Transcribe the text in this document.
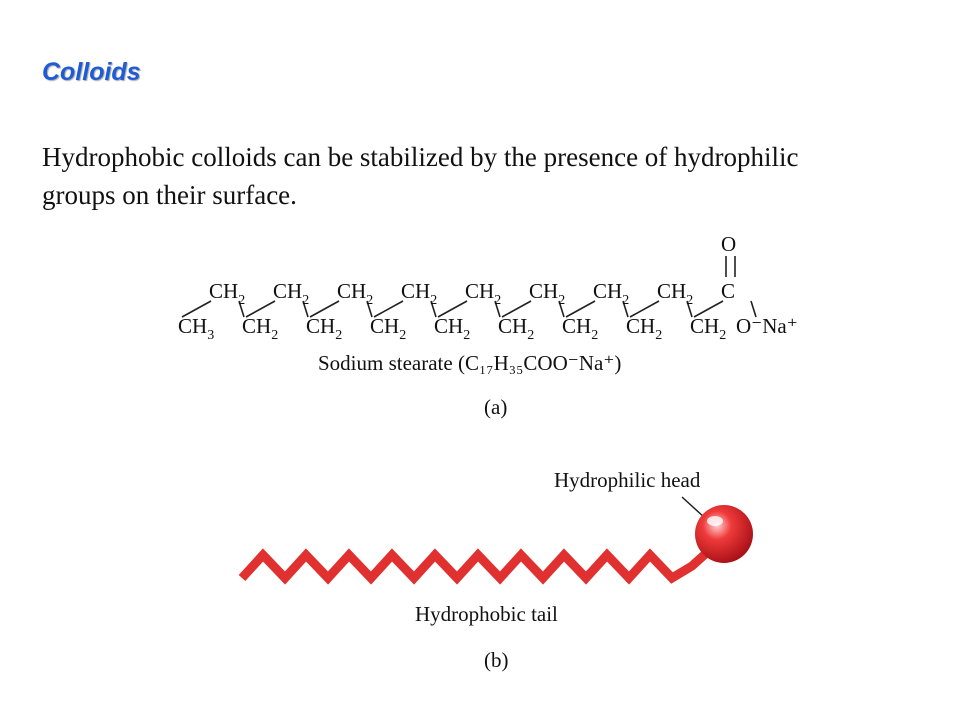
Colloids

Hydrophobic colloids can be stabilized by the presence of hydrophilic groups on their surface.

$CH_2$ $CH_2$ $CH_2$ $CH_2$ $CH_2$ $CH_2$ $CH_2$ $CH_2$
$CH_3$ $CH_2$ $CH_2$ $CH_2$ $CH_2$ $CH_2$ $CH_2$ $CH_2$ $CH_2$
O
C
O⁻Na⁺
Sodium stearate (C₁₇H₃₅COO⁻Na⁺)
(a)
Hydrophilic head
Hydrophobic tail
(b)
